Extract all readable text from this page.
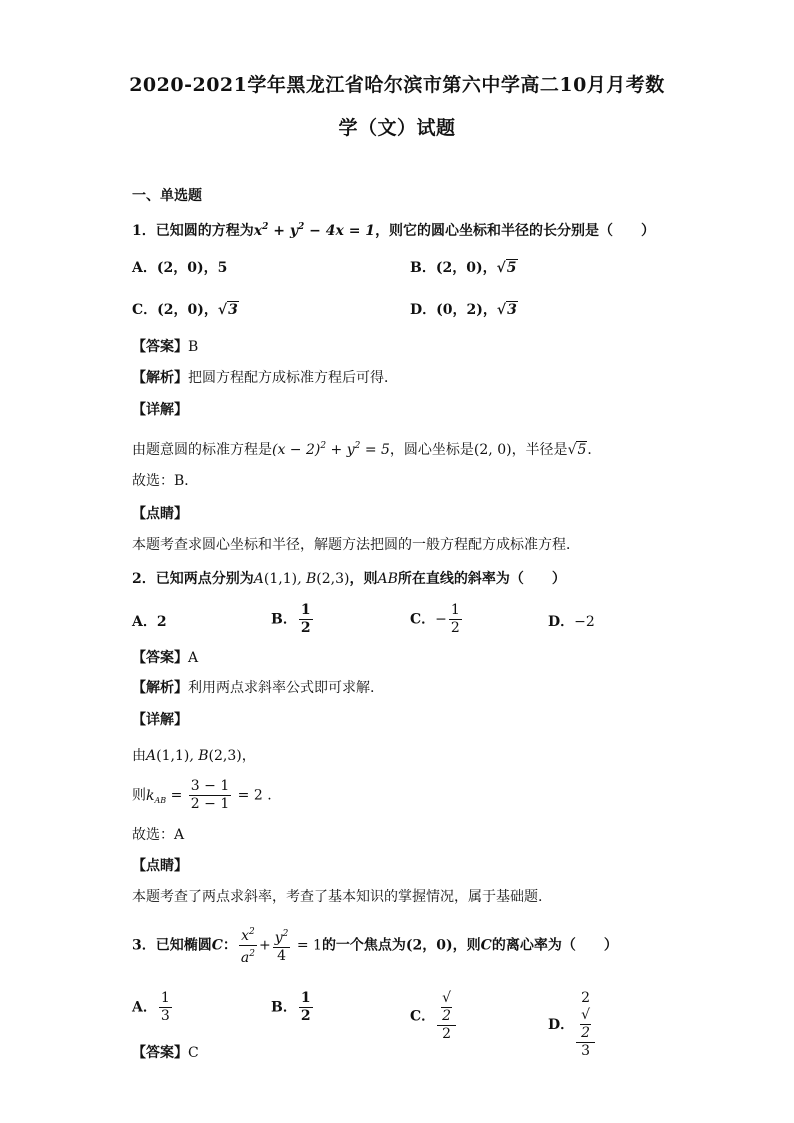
2020-2021学年黑龙江省哈尔滨市第六中学高二10月月考数
学（文）试题
一、单选题
1．已知圆的方程为$x^2 + y^2 - 4x = 1$，则它的圆心坐标和半径的长分别是（　　）
A．(2，0)，5	B．(2，0)，√5
C．(2，0)，√3	D．(0，2)，√3
【答案】B
【解析】把圆方程配方成标准方程后可得．
【详解】
由题意圆的标准方程是$(x - 2)^2 + y^2 = 5$，圆心坐标是(2, 0)，半径是√5．
故选：B．
【点睛】
本题考查求圆心坐标和半径，解题方法把圆的一般方程配方成标准方程．
2．已知两点分别为A(1,1), B(2,3)，则AB所在直线的斜率为（　　）
A．2	B． $\frac{1}{2}$	C．− $\frac{1}{2}$	D．−2
【答案】A
【解析】利用两点求斜率公式即可求解.
【详解】
由A(1,1), B(2,3)，
则$k_{AB} = \frac{3 - 1}{2 - 1} = 2$ .
故选：A
【点睛】
本题考查了两点求斜率，考查了基本知识的掌握情况，属于基础题.
3．已知椭圆C： $\frac{x^2}{a^2} + \frac{y^2}{4} = 1$的一个焦点为(2，0)，则C的离心率为（　　）
A． $\frac{1}{3}$	B． $\frac{1}{2}$	C． √
2
2	D． 2
√
2
3
【答案】C
